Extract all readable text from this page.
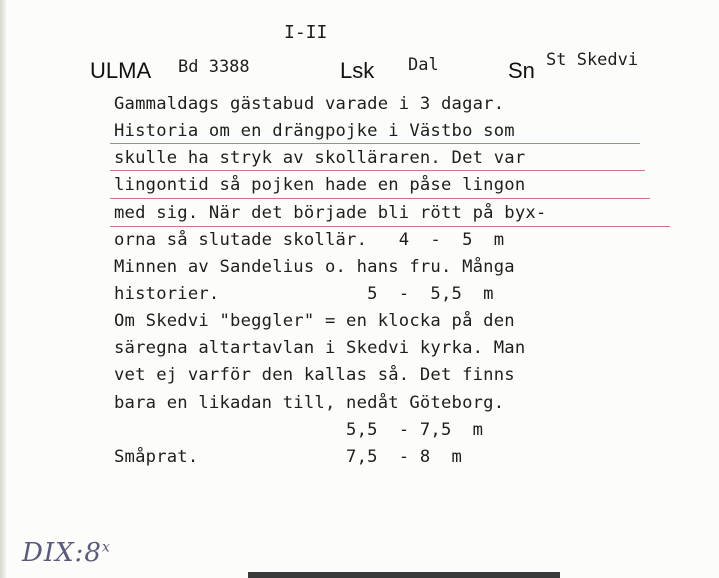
I-II
ULMA Bd 3388	Lsk Dal	Sn St Skedvi
Gammaldags gästabud varade i 3 dagar.
Historia om en drängpojke i Västbo som
skulle ha stryk av skolläraren. Det var
lingontid så pojken hade en påse lingon
med sig. När det började bli rött på byx-
orna så slutade skollär.   4  -  5  m
Minnen av Sandelius o. hans fru. Många
historier.              5  -  5,5  m
Om Skedvi "beggler" = en klocka på den
säregna altartavlan i Skedvi kyrka. Man
vet ej varför den kallas så. Det finns
bara en likadan till, nedåt Göteborg.
5,5  - 7,5  m
Småprat.              7,5  - 8  m
DIX:8$^x$
